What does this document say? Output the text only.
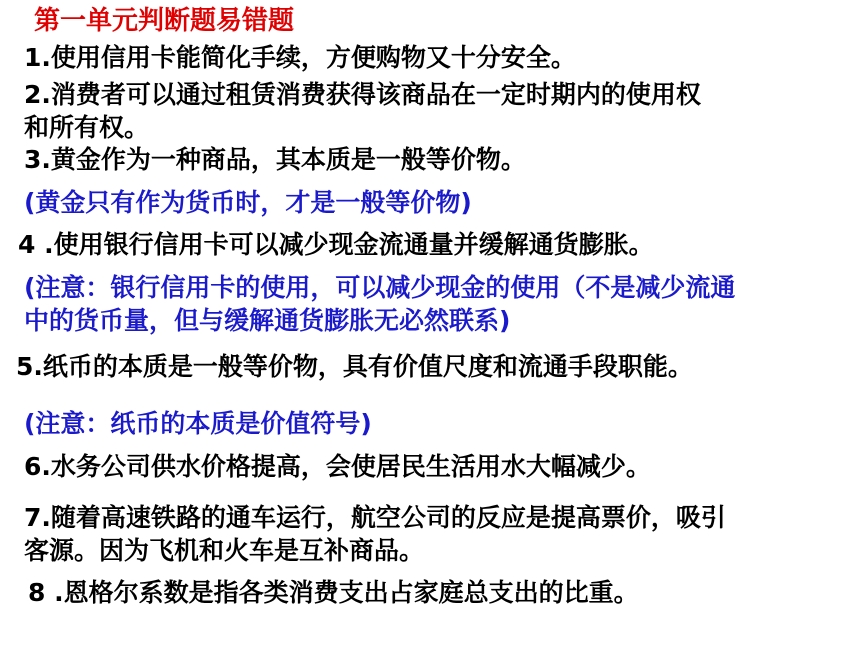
第一单元判断题易错题

1.使用信用卡能简化手续，方便购物又十分安全。

2.消费者可以通过租赁消费获得该商品在一定时期内的使用权

和所有权。

3.黄金作为一种商品，其本质是一般等价物。

(黄金只有作为货币时，才是一般等价物)

4 .使用银行信用卡可以减少现金流通量并缓解通货膨胀。

(注意：银行信用卡的使用，可以减少现金的使用（不是减少流通

中的货币量，但与缓解通货膨胀无必然联系)

5.纸币的本质是一般等价物，具有价值尺度和流通手段职能。

(注意：纸币的本质是价值符号)

6.水务公司供水价格提高，会使居民生活用水大幅减少。

7.随着高速铁路的通车运行，航空公司的反应是提高票价，吸引

客源。因为飞机和火车是互补商品。

8 .恩格尔系数是指各类消费支出占家庭总支出的比重。
